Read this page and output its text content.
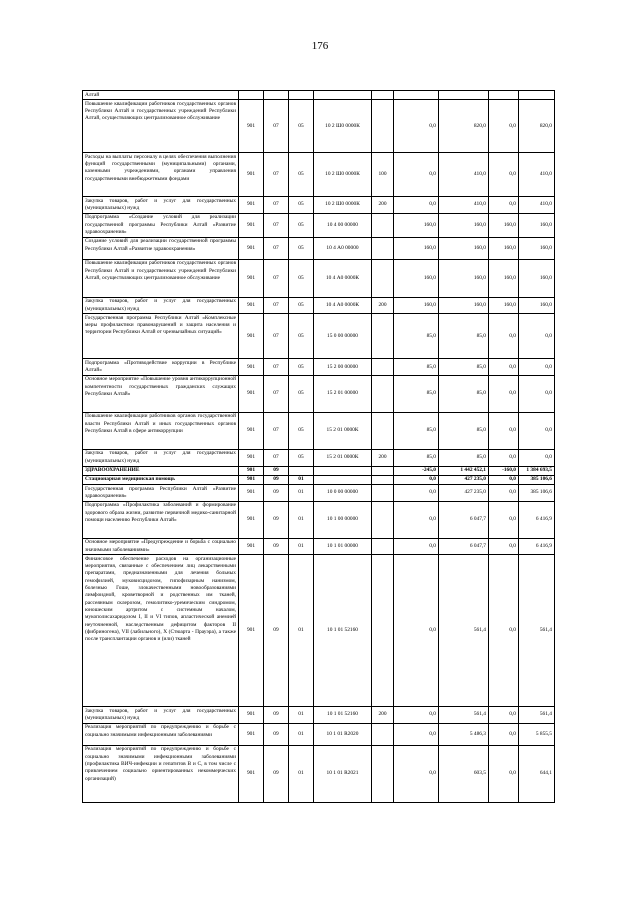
176
Алтай									
Повышение квалификации работников государственных органов Республики Алтай и государственных учреждений Республики Алтай, осуществляющих централизованное обслуживание	901	07	05	10 2 Ш0 0000К		0,0	820,0	0,0	820,0
Расходы на выплаты персоналу в целях обеспечения выполнения функций государственными (муниципальными) органами, казенными учреждениями, органами управления государственными внебюджетными фондами	901	07	05	10 2 Ш0 0000К	100	0,0	410,0	0,0	410,0
Закупка товаров, работ и услуг для государственных (муниципальных) нужд	901	07	05	10 2 Ш0 0000К	200	0,0	410,0	0,0	410,0
Подпрограмма «Создание условий для реализации государственной программы Республики Алтай «Развитие здравоохранения»	901	07	05	10 4 00 00000		160,0	160,0	160,0	160,0
Создание условий для реализации государственной программы Республики Алтай «Развитие здравоохранения»	901	07	05	10 4 А0 00000		160,0	160,0	160,0	160,0
Повышение квалификации работников государственных органов Республики Алтай и государственных учреждений Республики Алтай, осуществляющих централизованное обслуживание	901	07	05	10 4 А0 0000К		160,0	160,0	160,0	160,0
Закупка товаров, работ и услуг для государственных (муниципальных) нужд	901	07	05	10 4 А0 0000К	200	160,0	160,0	160,0	160,0
Государственная программа Республики Алтай «Комплексные меры профилактики правонарушений и защита населения и территории Республики Алтай от чрезвычайных ситуаций»	901	07	05	15 0 00 00000		85,0	85,0	0,0	0,0
Подпрограмма «Противодействие коррупции в Республике Алтай»	901	07	05	15 2 00 00000		85,0	85,0	0,0	0,0
Основное мероприятие «Повышение уровня антикоррупционной компетентности государственных гражданских служащих Республики Алтай»	901	07	05	15 2 01 00000		85,0	85,0	0,0	0,0
Повышение квалификации работников органов государственной власти Республики Алтай и иных государственных органов Республики Алтай в сфере антикоррупции	901	07	05	15 2 01 0000К		85,0	85,0	0,0	0,0
Закупка товаров, работ и услуг для государственных (муниципальных) нужд	901	07	05	15 2 01 0000К	200	85,0	85,0	0,0	0,0
ЗДРАВООХРАНЕНИЕ	901	09				-245,0	1 442 452,1	-160,0	1 384 693,5
Стационарная медицинская помощь	901	09	01			0,0	427 235,0	0,0	385 106,6
Государственная программа Республики Алтай «Развитие здравоохранения»	901	09	01	10 0 00 00000		0,0	427 235,0	0,0	385 106,6
Подпрограмма «Профилактика заболеваний и формирование здорового образа жизни, развитие первичной медико-санитарной помощи населению Республики Алтай»	901	09	01	10 1 00 00000		0,0	6 047,7	0,0	6 416,9
Основное мероприятие «Предупреждение и борьба с социально значимыми заболеваниями»	901	09	01	10 1 01 00000		0,0	6 047,7	0,0	6 416,9
Финансовое обеспечение расходов на организационные мероприятия, связанные с обеспечением лиц лекарственными препаратами, предназначенными для лечения больных гемофилией, муковисцидозом, гипофизарным нанизмом, болезнью Гоше, злокачественными новообразованиями лимфоидной, кроветворной и родственных им тканей, рассеянным склерозом, гемолитико-уремическим синдромом, юношеским артритом с системным началом, мукополисахаридозом I, II и VI типов, апластической анемией неуточненной, наследственным дефицитом факторов II (фибриногена), VII (лабильного), X (Стюарта - Прауэра), а также после трансплантации органов и (или) тканей	901	09	01	10 1 01 52160		0,0	561,4	0,0	561,4
Закупка товаров, работ и услуг для государственных (муниципальных) нужд	901	09	01	10 1 01 52160	200	0,0	561,4	0,0	561,4
Реализация мероприятий по предупреждению и борьбе с социально значимыми инфекционными заболеваниями	901	09	01	10 1 01 R2020		0,0	5 486,3	0,0	5 855,5
Реализация мероприятий по предупреждению и борьбе с социально значимыми инфекционными заболеваниями (профилактика ВИЧ-инфекции и гепатитов B и C, в том числе с привлечением социально ориентированных некоммерческих организаций)	901	09	01	10 1 01 R2021		0,0	603,5	0,0	644,1
